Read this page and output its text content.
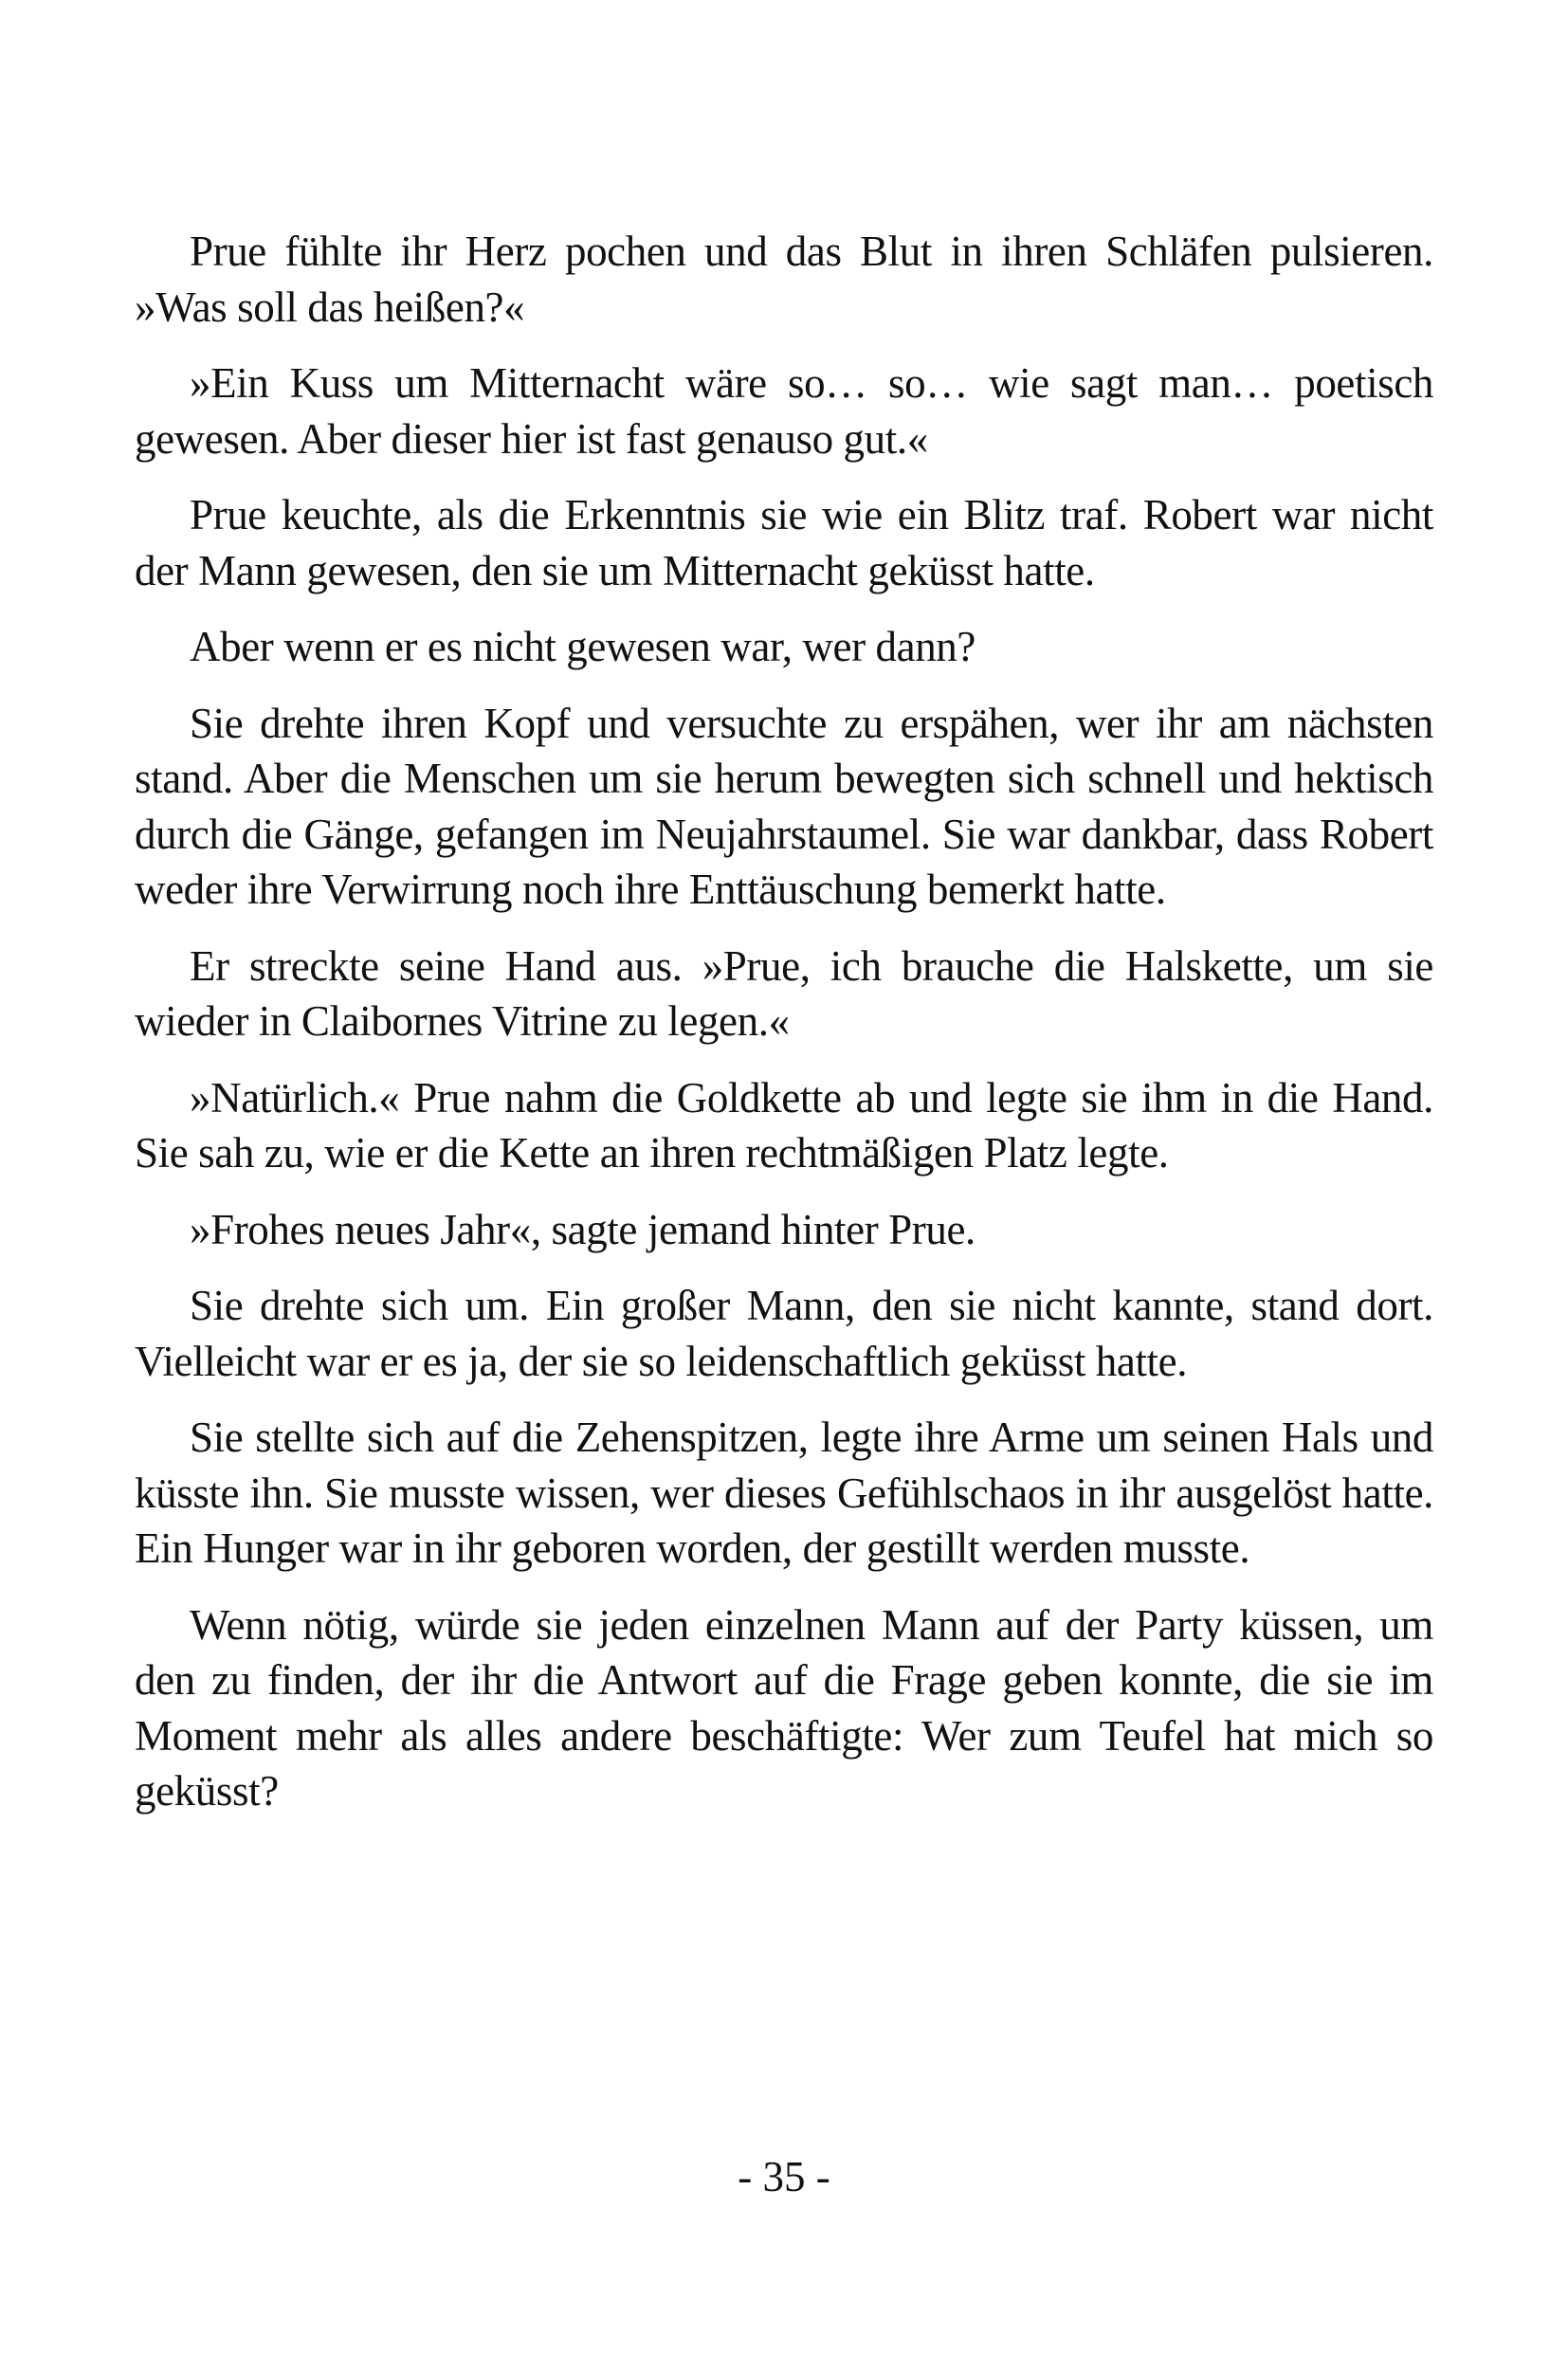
Prue fühlte ihr Herz pochen und das Blut in ihren Schläfen pulsieren. »Was soll das heißen?«

»Ein Kuss um Mitternacht wäre so… so… wie sagt man… poetisch gewesen. Aber dieser hier ist fast genauso gut.«

Prue keuchte, als die Erkenntnis sie wie ein Blitz traf. Robert war nicht der Mann gewesen, den sie um Mitternacht geküsst hatte.

Aber wenn er es nicht gewesen war, wer dann?

Sie drehte ihren Kopf und versuchte zu erspähen, wer ihr am nächsten stand. Aber die Menschen um sie herum bewegten sich schnell und hektisch durch die Gänge, gefangen im Neujahrstaumel. Sie war dankbar, dass Robert weder ihre Verwirrung noch ihre Enttäuschung bemerkt hatte.

Er streckte seine Hand aus. »Prue, ich brauche die Halskette, um sie wieder in Claibornes Vitrine zu legen.«

»Natürlich.« Prue nahm die Goldkette ab und legte sie ihm in die Hand. Sie sah zu, wie er die Kette an ihren rechtmäßigen Platz legte.

»Frohes neues Jahr«, sagte jemand hinter Prue.

Sie drehte sich um. Ein großer Mann, den sie nicht kannte, stand dort. Vielleicht war er es ja, der sie so leidenschaftlich geküsst hatte.

Sie stellte sich auf die Zehenspitzen, legte ihre Arme um seinen Hals und küsste ihn. Sie musste wissen, wer dieses Gefühlschaos in ihr ausgelöst hatte. Ein Hunger war in ihr geboren worden, der gestillt werden musste.

Wenn nötig, würde sie jeden einzelnen Mann auf der Party küssen, um den zu finden, der ihr die Antwort auf die Frage geben konnte, die sie im Moment mehr als alles andere beschäftigte: Wer zum Teufel hat mich so geküsst?

- 35 -
